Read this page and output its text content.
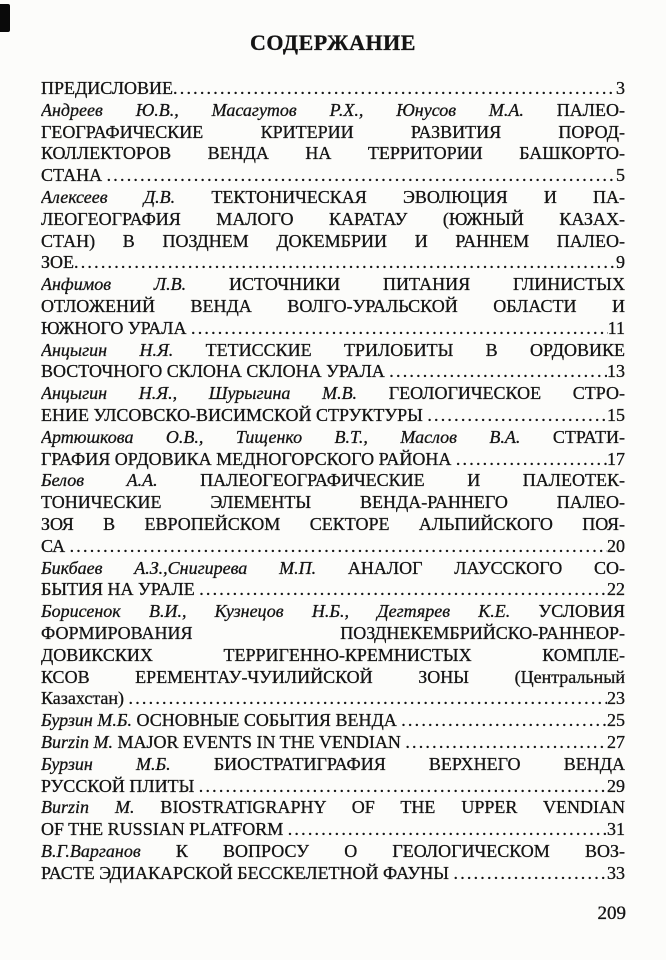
СОДЕРЖАНИЕ
ПРЕДИСЛОВИЕ .....	3
Андреев Ю.В., Масагутов Р.Х., Юнусов М.А. ПАЛЕО-
ГЕОГРАФИЧЕСКИЕ КРИТЕРИИ РАЗВИТИЯ ПОРОД-
КОЛЛЕКТОРОВ ВЕНДА НА ТЕРРИТОРИИ БАШКОРТО-
СТАНА .....	5
Алексеев Д.В. ТЕКТОНИЧЕСКАЯ ЭВОЛЮЦИЯ И ПА-
ЛЕОГЕОГРАФИЯ МАЛОГО КАРАТАУ (ЮЖНЫЙ КАЗАХ-
СТАН) В ПОЗДНЕМ ДОКЕМБРИИ И РАННЕМ ПАЛЕО-
ЗОЕ .....	9
Анфимов Л.В. ИСТОЧНИКИ ПИТАНИЯ ГЛИНИСТЫХ
ОТЛОЖЕНИЙ ВЕНДА ВОЛГО-УРАЛЬСКОЙ ОБЛАСТИ И
ЮЖНОГО УРАЛА .....	11
Анцыгин Н.Я. ТЕТИССКИЕ ТРИЛОБИТЫ В ОРДОВИКЕ
ВОСТОЧНОГО СКЛОНА СКЛОНА УРАЛА .....	13
Анцыгин Н.Я., Шурыгина М.В. ГЕОЛОГИЧЕСКОЕ СТРО-
ЕНИЕ УЛСОВСКО-ВИСИМСКОЙ СТРУКТУРЫ .....	15
Артюшкова О.В., Тищенко В.Т., Маслов В.А. СТРАТИ-
ГРАФИЯ ОРДОВИКА МЕДНОГОРСКОГО РАЙОНА .....	17
Белов А.А. ПАЛЕОГЕОГРАФИЧЕСКИЕ И ПАЛЕОТЕК-
ТОНИЧЕСКИЕ ЭЛЕМЕНТЫ ВЕНДА-РАННЕГО ПАЛЕО-
ЗОЯ В ЕВРОПЕЙСКОМ СЕКТОРЕ АЛЬПИЙСКОГО ПОЯ-
СА .....	20
Бикбаев А.З.,Снигирева М.П. АНАЛОГ ЛАУССКОГО СО-
БЫТИЯ НА УРАЛЕ .....	22
Борисенок В.И., Кузнецов Н.Б., Дегтярев К.Е. УСЛОВИЯ
ФОРМИРОВАНИЯ ПОЗДНЕКЕМБРИЙСКО-РАННЕОР-
ДОВИКСКИХ ТЕРРИГЕННО-КРЕМНИСТЫХ КОМПЛЕ-
КСОВ ЕРЕМЕНТАУ-ЧУИЛИЙСКОЙ ЗОНЫ (Центральный
Казахстан) .....	23
Бурзин М.Б. ОСНОВНЫЕ СОБЫТИЯ ВЕНДА .....	25
Burzin M. MAJOR EVENTS IN THE VENDIAN .....	27
Бурзин М.Б. БИОСТРАТИГРАФИЯ ВЕРХНЕГО ВЕНДА
РУССКОЙ ПЛИТЫ .....	29
Burzin M. BIOSTRATIGRAPHY OF THE UPPER VENDIAN
OF THE RUSSIAN PLATFORM .....	31
В.Г.Варганов К ВОПРОСУ О ГЕОЛОГИЧЕСКОМ ВОЗ-
РАСТЕ ЭДИАКАРСКОЙ БЕССКЕЛЕТНОЙ ФАУНЫ .....	33
209
